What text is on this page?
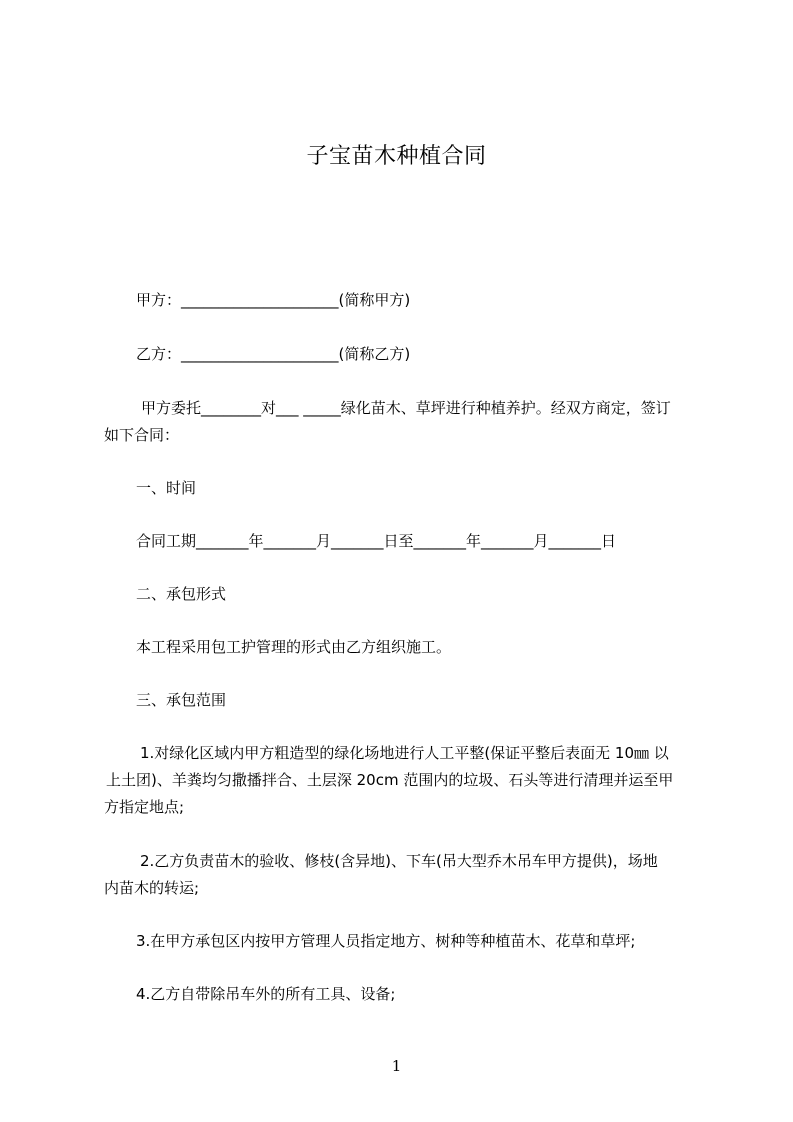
子宝苗木种植合同

甲方：_____________________(简称甲方)

乙方：_____________________(简称乙方)

甲方委托________对___ _____绿化苗木、草坪进行种植养护。经双方商定，签订

如下合同：

一、时间

合同工期_______年_______月_______日至_______年_______月_______日

二、承包形式

本工程采用包工护管理的形式由乙方组织施工。

三、承包范围

1.对绿化区域内甲方粗造型的绿化场地进行人工平整(保证平整后表面无 10㎜ 以

上土团)、羊粪均匀撒播拌合、土层深 20cm 范围内的垃圾、石头等进行清理并运至甲

方指定地点;

2.乙方负责苗木的验收、修枝(含异地)、下车(吊大型乔木吊车甲方提供)，场地

内苗木的转运;

3.在甲方承包区内按甲方管理人员指定地方、树种等种植苗木、花草和草坪;

4.乙方自带除吊车外的所有工具、设备;

1
